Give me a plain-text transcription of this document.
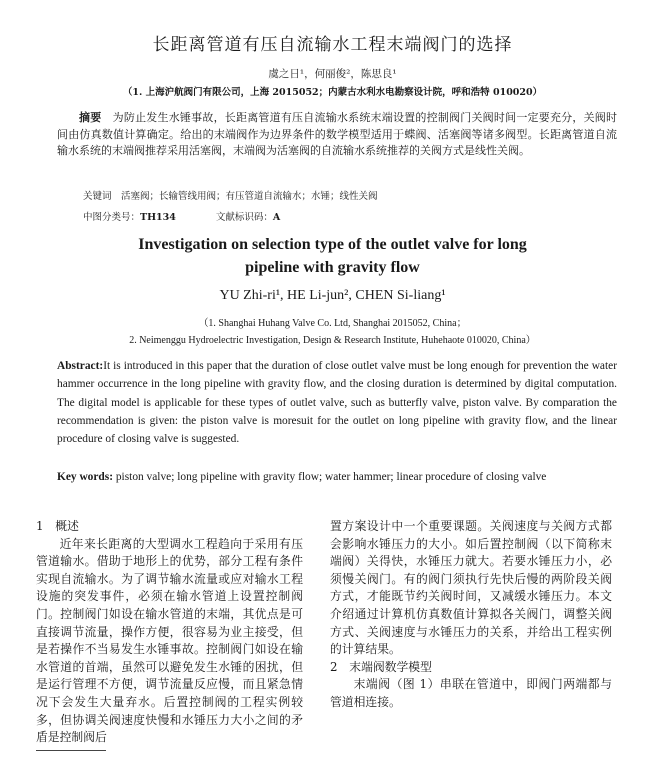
长距离管道有压自流输水工程末端阀门的选择
虞之日¹，何丽俊²，陈思良¹
（1. 上海沪航阀门有限公司，上海 2015052；内蒙古水利水电勘察设计院，呼和浩特 010020）
摘要　 为防止发生水锤事故，长距离管道有压自流输水系统末端设置的控制阀门关阀时间一定要充分，关阀时间由仿真数值计算确定。给出的末端阀作为边界条件的数学模型适用于蝶阀、活塞阀等诸多阀型。长距离管道自流输水系统的末端阀推荐采用活塞阀，末端阀为活塞阀的自流输水系统推荐的关阀方式是线性关阀。
关键词　 活塞阀；长输管线用阀；有压管道自流输水；水锤；线性关阀
中图分类号：TH134	文献标识码：A
Investigation on selection type of the outlet valve for long
pipeline with gravity flow
YU Zhi-ri¹, HE Li-jun², CHEN Si-liang¹
（1. Shanghai Huhang Valve Co. Ltd, Shanghai 2015052, China；
2. Neimenggu Hydroelectric Investigation, Design & Research Institute, Huhehaote 010020, China）
Abstract:It is introduced in this paper that the duration of close outlet valve must be long enough for prevention the water hammer occurrence in the long pipeline with gravity flow, and the closing duration is determined by digital computation. The digital model is applicable for these types of outlet valve, such as butterfly valve, piston valve. By comparation the recommendation is given: the piston valve is moresuit for the outlet on long pipeline with gravity flow, and the linear procedure of closing valve is suggested.
Key words: piston valve; long pipeline with gravity flow; water hammer; linear procedure of closing valve
1　概述
近年来长距离的大型调水工程趋向于采用有压管道输水。借助于地形上的优势，部分工程有条件实现自流输水。为了调节输水流量或应对输水工程设施的突发事件，必须在输水管道上设置控制阀门。控制阀门如设在输水管道的末端，其优点是可直接调节流量，操作方便，很容易为业主接受，但是若操作不当易发生水锤事故。控制阀门如设在输水管道的首端，虽然可以避免发生水锤的困扰，但是运行管理不方便，调节流量反应慢，而且紧急情况下会发生大量弃水。后置控制阀的工程实例较多，但协调关阀速度快慢和水锤压力大小之间的矛盾是控制阀后
置方案设计中一个重要课题。关阀速度与关阀方式都会影响水锤压力的大小。如后置控制阀（以下简称末端阀）关得快，水锤压力就大。若要水锤压力小，必须慢关阀门。有的阀门须执行先快后慢的两阶段关阀方式，才能既节约关阀时间，又减缓水锤压力。本文介绍通过计算机仿真数值计算拟各关阀门，调整关阀方式、关阀速度与水锤压力的关系，并给出工程实例的计算结果。
2　末端阀数学模型
末端阀（图 1）串联在管道中，即阀门两端都与管道相连接。
